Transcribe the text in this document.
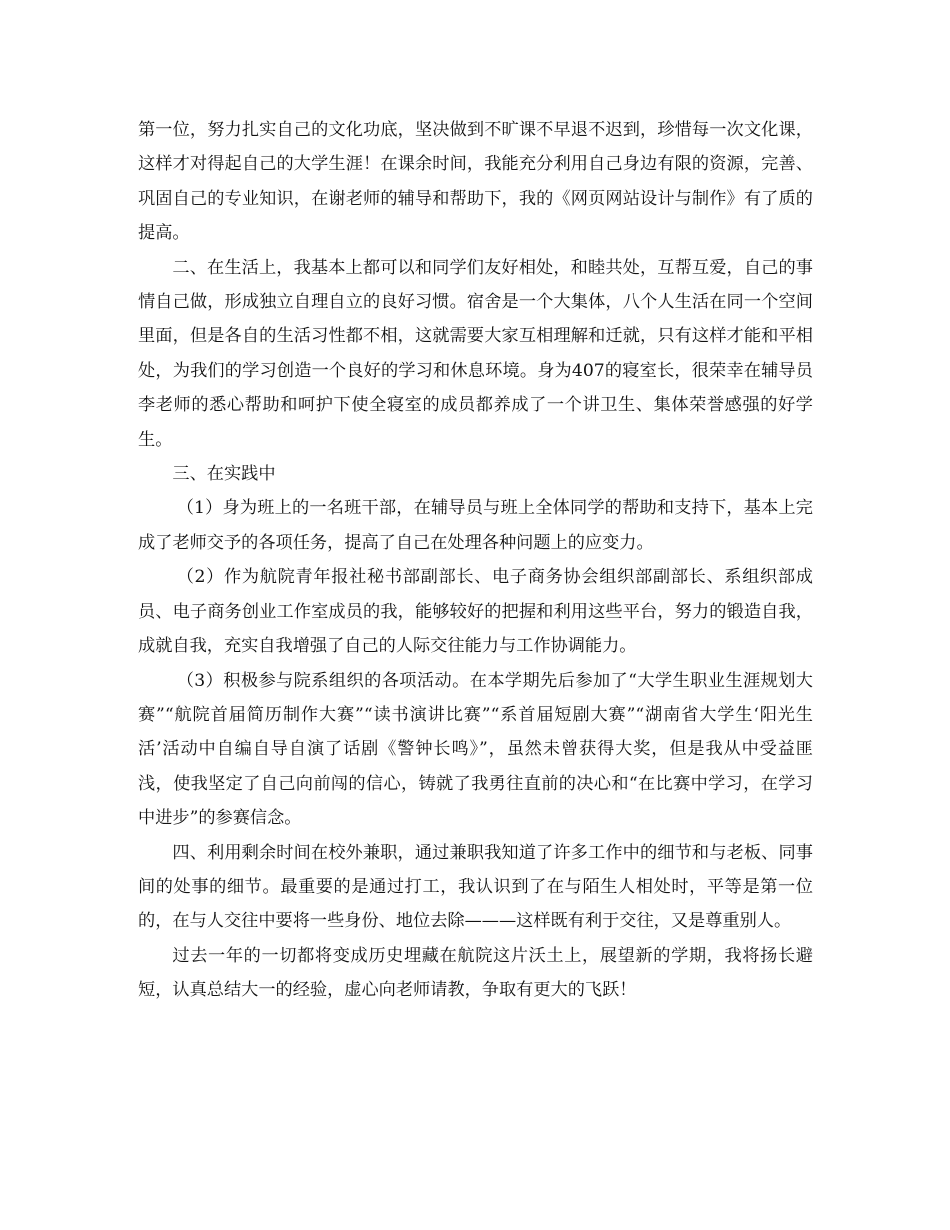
第一位，努力扎实自己的文化功底，坚决做到不旷课不早退不迟到，珍惜每一次文化课，这样才对得起自己的大学生涯！在课余时间，我能充分利用自己身边有限的资源，完善、巩固自己的专业知识，在谢老师的辅导和帮助下，我的《网页网站设计与制作》有了质的提高。

二、在生活上，我基本上都可以和同学们友好相处，和睦共处，互帮互爱，自己的事情自己做，形成独立自理自立的良好习惯。宿舍是一个大集体，八个人生活在同一个空间里面，但是各自的生活习性都不相，这就需要大家互相理解和迁就，只有这样才能和平相处，为我们的学习创造一个良好的学习和休息环境。身为407的寝室长，很荣幸在辅导员李老师的悉心帮助和呵护下使全寝室的成员都养成了一个讲卫生、集体荣誉感强的好学生。

三、在实践中

（1）身为班上的一名班干部，在辅导员与班上全体同学的帮助和支持下，基本上完成了老师交予的各项任务，提高了自己在处理各种问题上的应变力。

（2）作为航院青年报社秘书部副部长、电子商务协会组织部副部长、系组织部成员、电子商务创业工作室成员的我，能够较好的把握和利用这些平台，努力的锻造自我，成就自我，充实自我增强了自己的人际交往能力与工作协调能力。

（3）积极参与院系组织的各项活动。在本学期先后参加了“大学生职业生涯规划大赛”“航院首届简历制作大赛”“读书演讲比赛”“系首届短剧大赛”“湖南省大学生‘阳光生活’活动中自编自导自演了话剧《警钟长鸣》”，虽然未曾获得大奖，但是我从中受益匪浅，使我坚定了自己向前闯的信心，铸就了我勇往直前的决心和“在比赛中学习，在学习中进步”的参赛信念。

四、利用剩余时间在校外兼职，通过兼职我知道了许多工作中的细节和与老板、同事间的处事的细节。最重要的是通过打工，我认识到了在与陌生人相处时，平等是第一位的，在与人交往中要将一些身份、地位去除———这样既有利于交往，又是尊重别人。

过去一年的一切都将变成历史埋藏在航院这片沃土上，展望新的学期，我将扬长避短，认真总结大一的经验，虚心向老师请教，争取有更大的飞跃！
